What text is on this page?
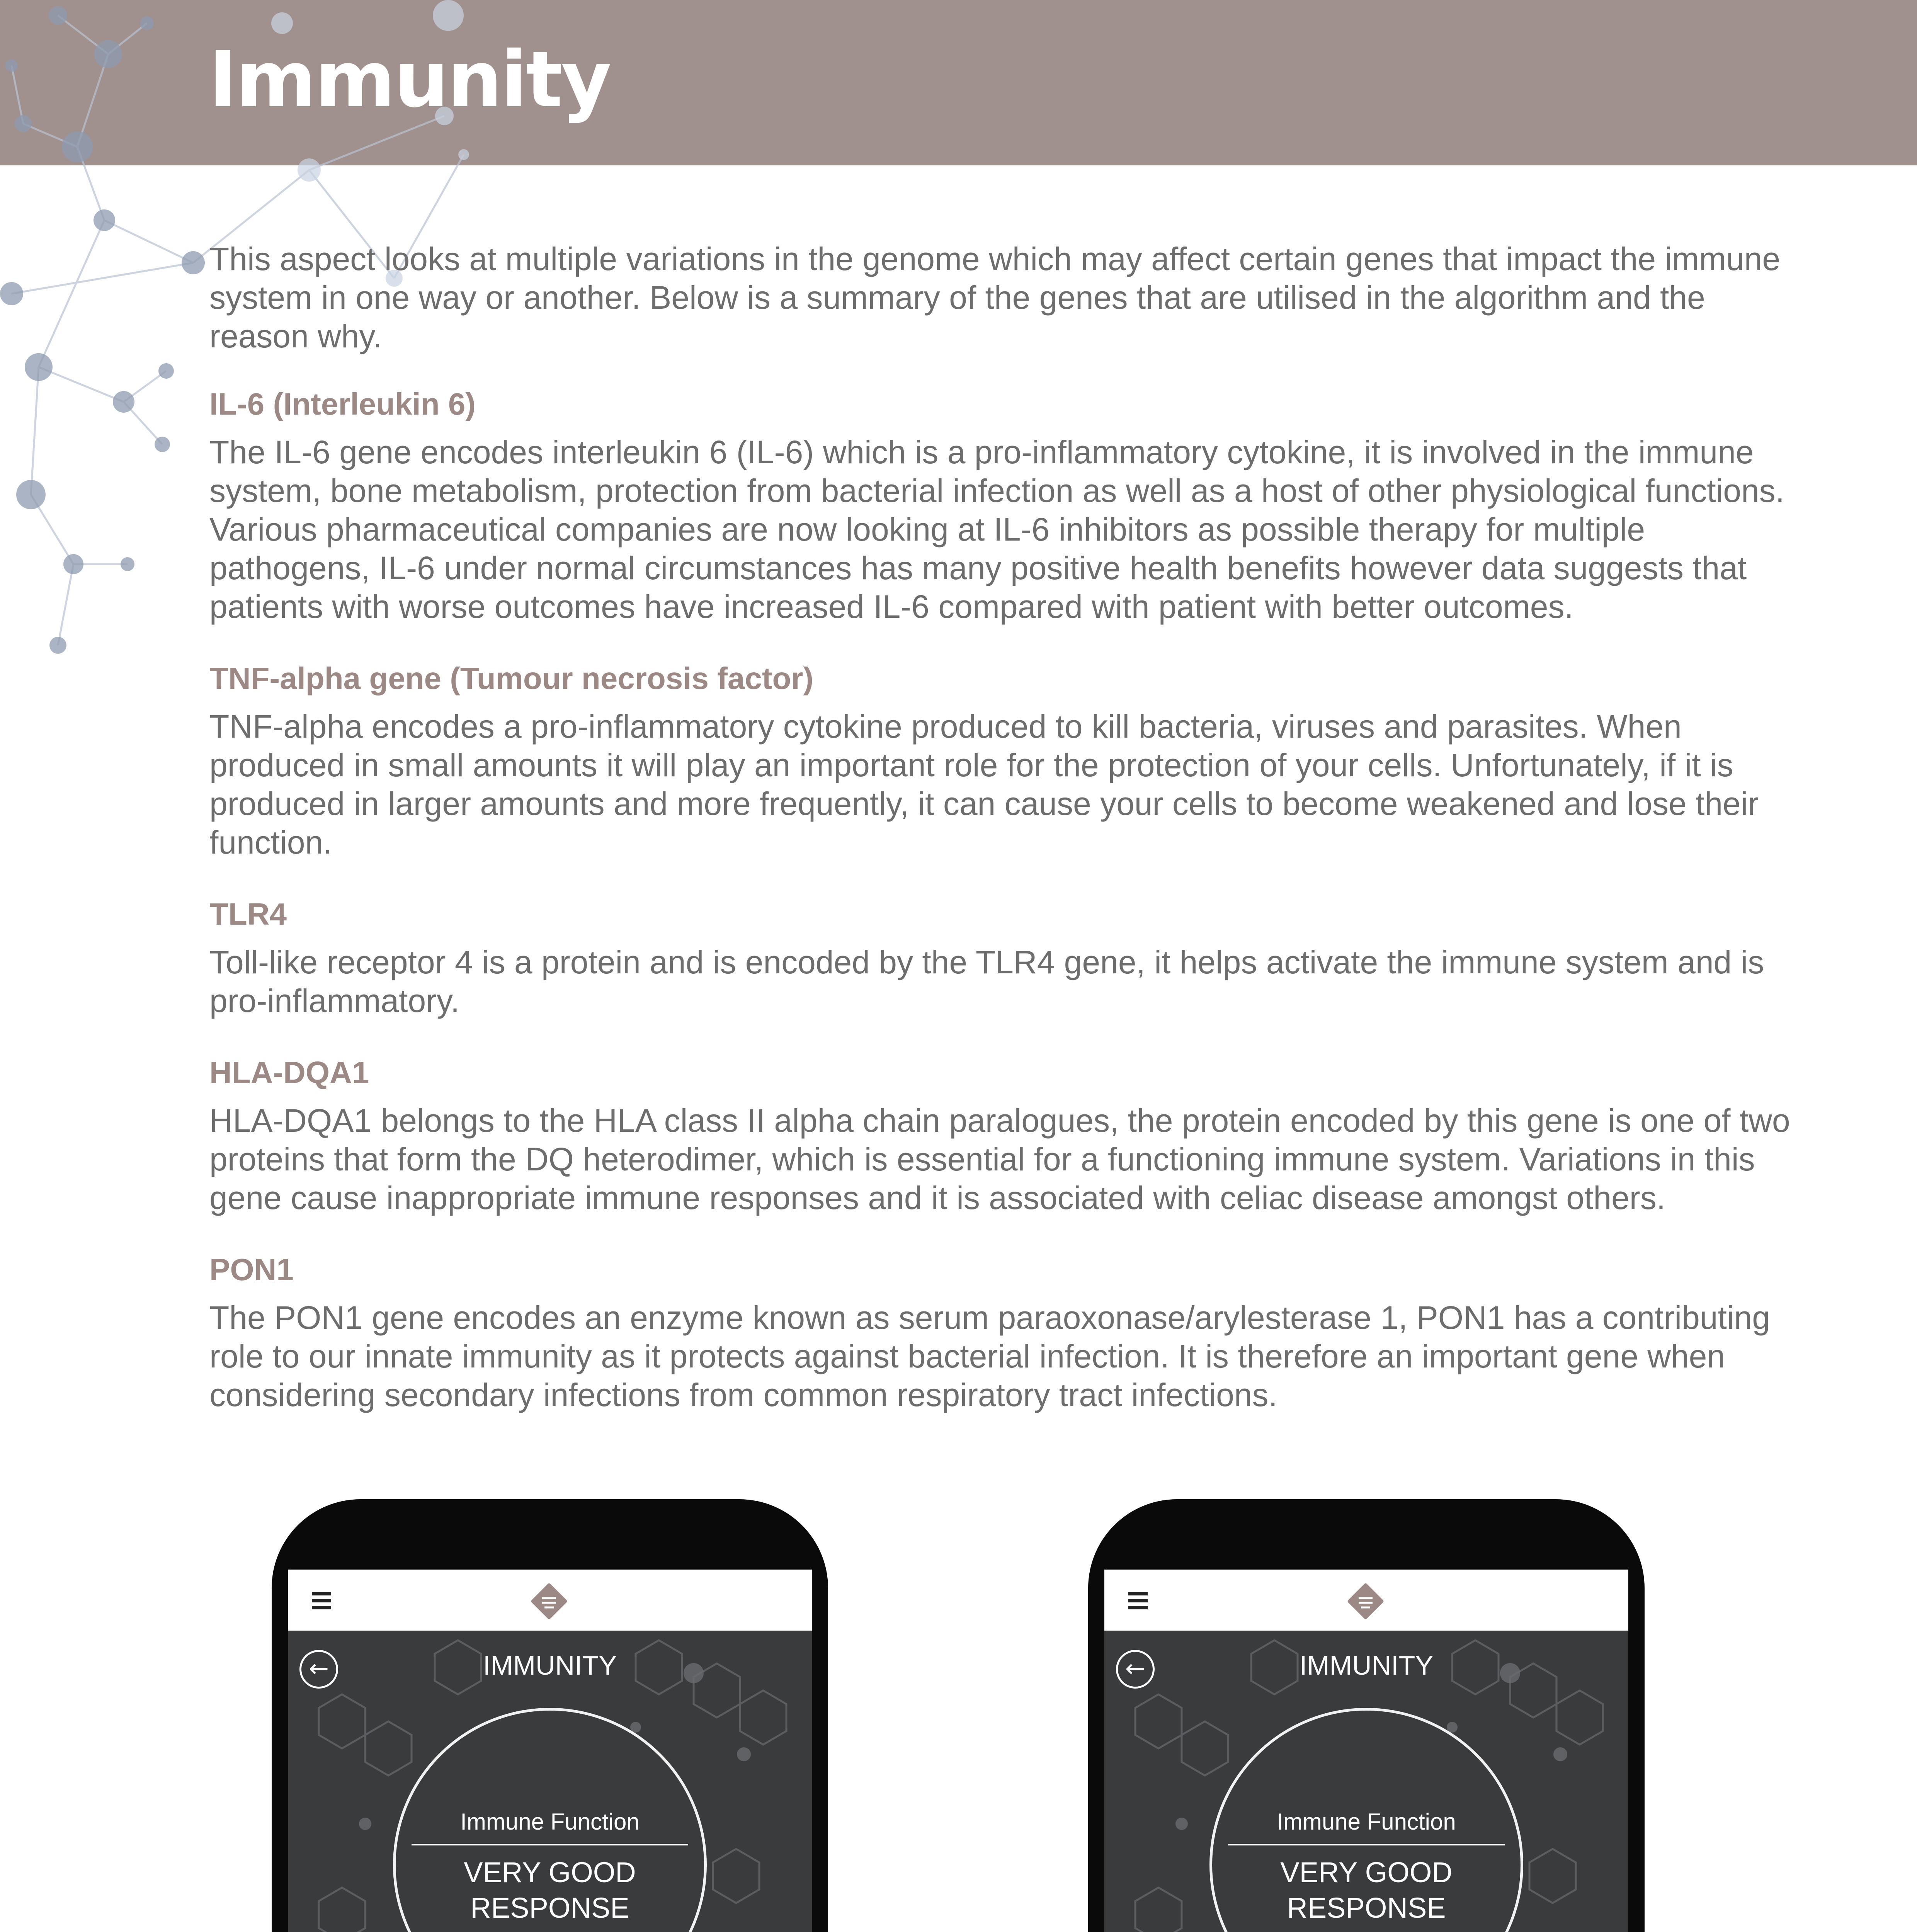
Immunity

This aspect looks at multiple variations in the genome which may affect certain genes that impact the immune system in one way or another. Below is a summary of the genes that are utilised in the algorithm and the reason why.

IL-6 (Interleukin 6)

The IL-6 gene encodes interleukin 6 (IL-6) which is a pro-inflammatory cytokine, it is involved in the immune system, bone metabolism, protection from bacterial infection as well as a host of other physiological functions. Various pharmaceutical companies are now looking at IL-6 inhibitors as possible therapy for multiple pathogens, IL-6 under normal circumstances has many positive health benefits however data suggests that patients with worse outcomes have increased IL-6 compared with patient with better outcomes.

TNF-alpha gene (Tumour necrosis factor)

TNF-alpha encodes a pro-inflammatory cytokine produced to kill bacteria, viruses and parasites. When produced in small amounts it will play an important role for the protection of your cells. Unfortunately, if it is produced in larger amounts and more frequently, it can cause your cells to become weakened and lose their function.

TLR4

Toll-like receptor 4 is a protein and is encoded by the TLR4 gene, it helps activate the immune system and is pro-inflammatory.

HLA-DQA1

HLA-DQA1 belongs to the HLA class II alpha chain paralogues, the protein encoded by this gene is one of two proteins that form the DQ heterodimer, which is essential for a functioning immune system. Variations in this gene cause inappropriate immune responses and it is associated with celiac disease amongst others.

PON1

The PON1 gene encodes an enzyme known as serum paraoxonase/arylesterase 1, PON1 has a contributing role to our innate immunity as it protects against bacterial infection. It is therefore an important gene when considering secondary infections from common respiratory tract infections.

←	IMMUNITY
Immune Function
VERY GOOD
RESPONSE
←	IMMUNITY
Immune Function
VERY GOOD
RESPONSE
